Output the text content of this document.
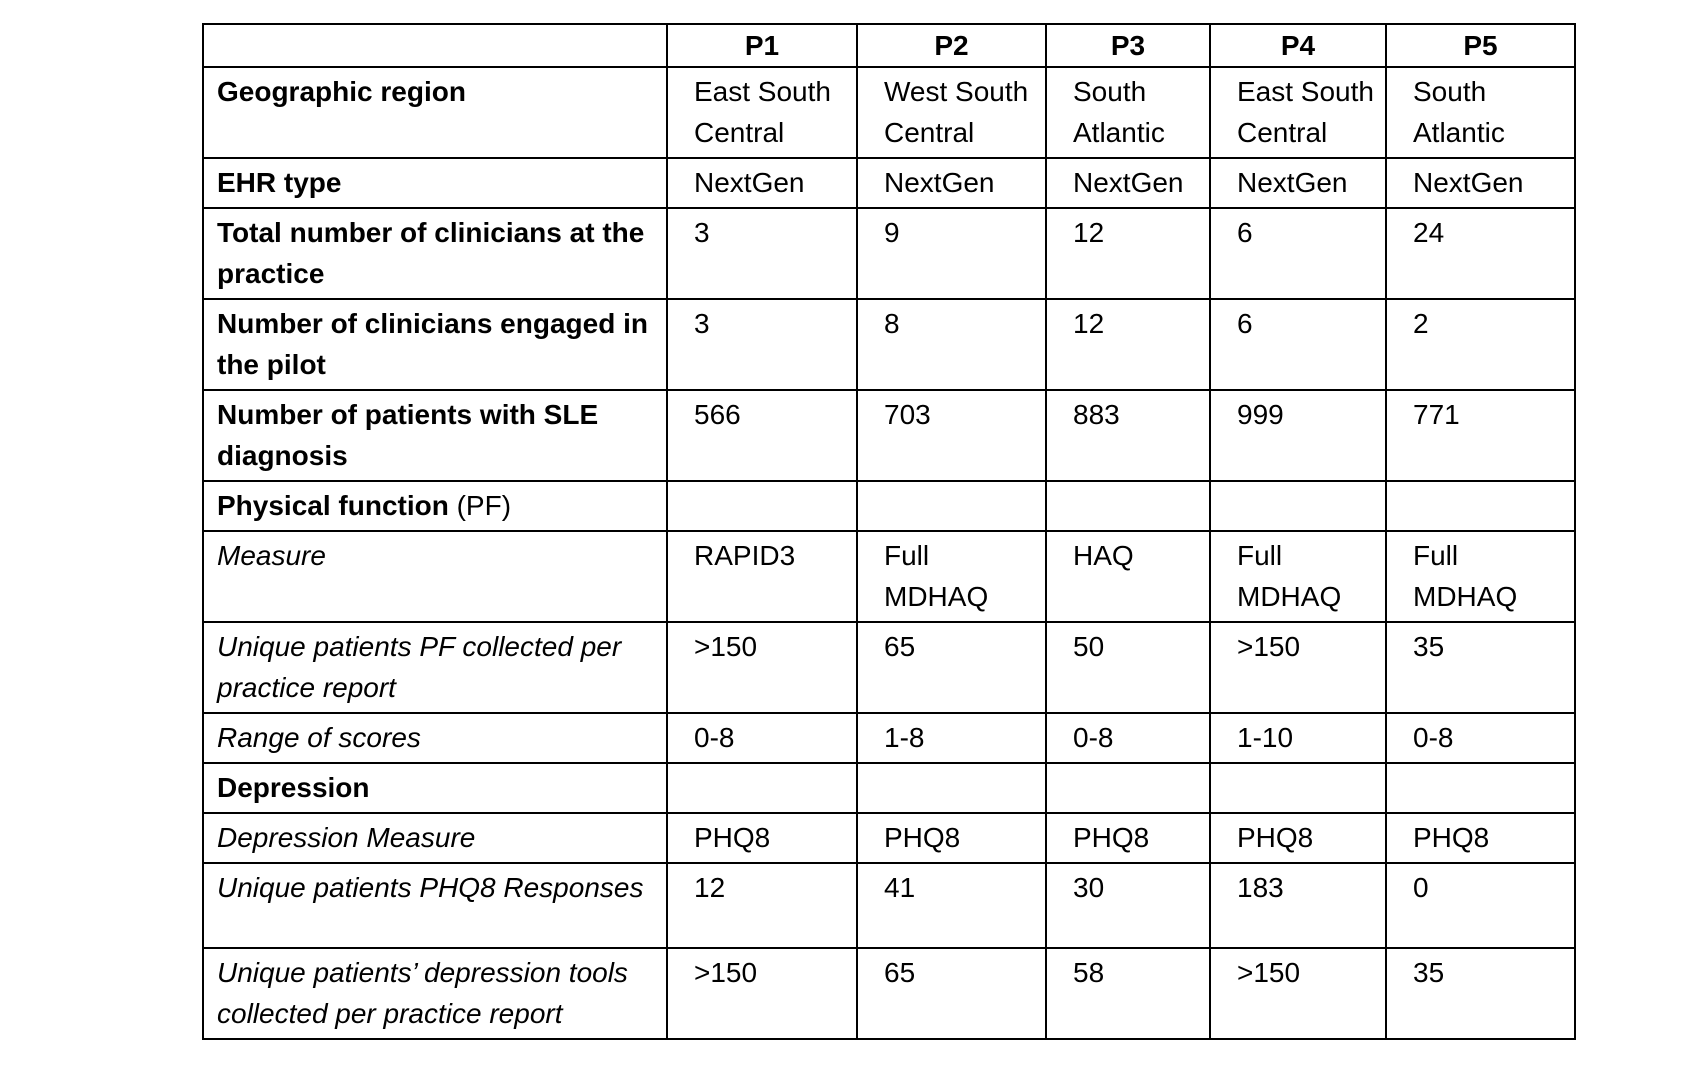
	P1	P2	P3	P4	P5
Geographic region	East South Central	West South Central	South Atlantic	East South Central	South Atlantic
EHR type	NextGen	NextGen	NextGen	NextGen	NextGen
Total number of clinicians at the practice	3	9	12	6	24
Number of clinicians engaged in the pilot	3	8	12	6	2
Number of patients with SLE diagnosis	566	703	883	999	771
Physical function (PF)					
Measure	RAPID3	Full MDHAQ	HAQ	Full MDHAQ	Full MDHAQ
Unique patients PF collected per practice report	>150	65	50	>150	35
Range of scores	0-8	1-8	0-8	1-10	0-8
Depression					
Depression Measure	PHQ8	PHQ8	PHQ8	PHQ8	PHQ8
Unique patients PHQ8 Responses	12	41	30	183	0
Unique patients’ depression tools collected per practice report	>150	65	58	>150	35
